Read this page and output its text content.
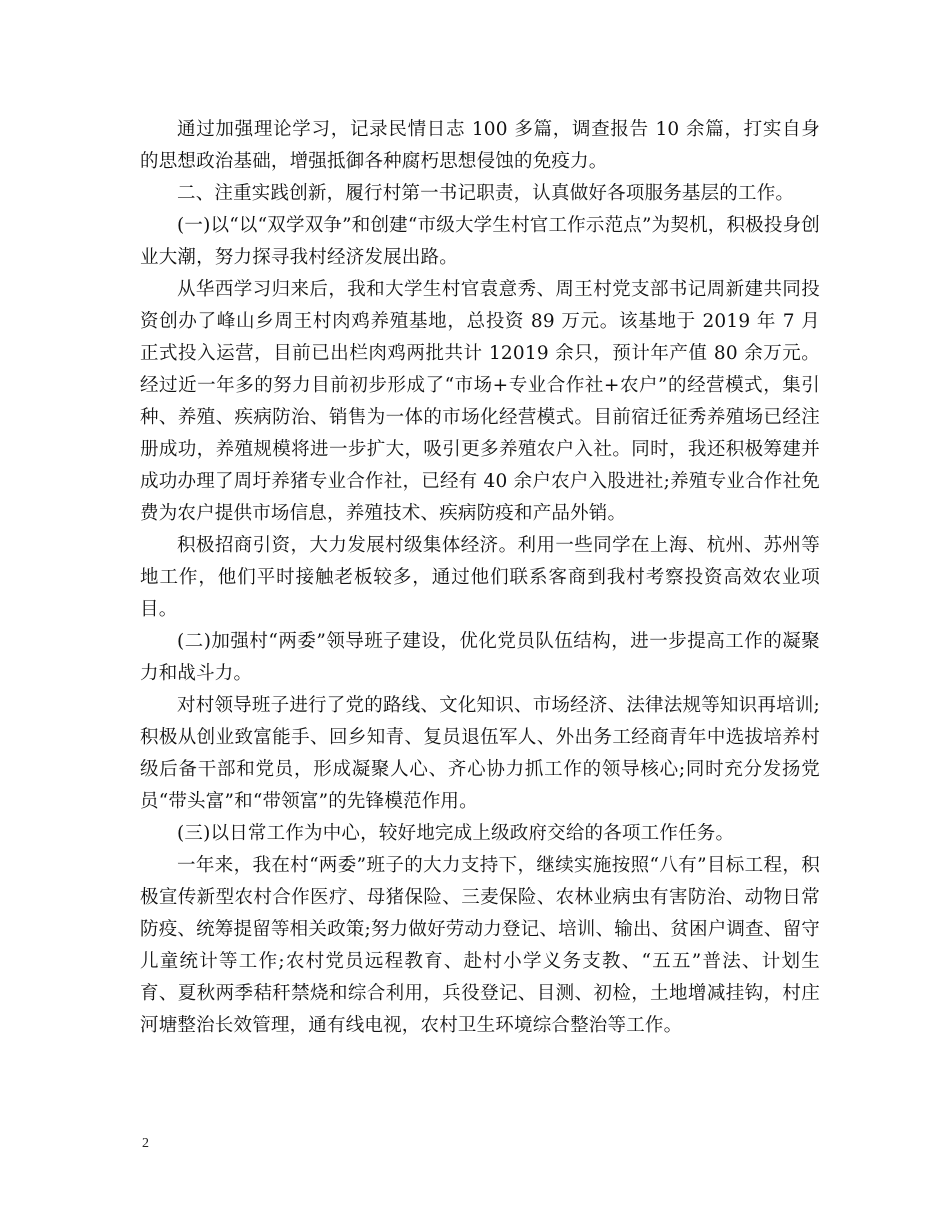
通过加强理论学习，记录民情日志 100 多篇，调查报告 10 余篇，打实自身的思想政治基础，增强抵御各种腐朽思想侵蚀的免疫力。

二、注重实践创新，履行村第一书记职责，认真做好各项服务基层的工作。

(一)以“以“双学双争”和创建“市级大学生村官工作示范点”为契机，积极投身创业大潮，努力探寻我村经济发展出路。

从华西学习归来后，我和大学生村官袁意秀、周王村党支部书记周新建共同投资创办了峰山乡周王村肉鸡养殖基地，总投资 89 万元。该基地于 2019 年 7 月正式投入运营，目前已出栏肉鸡两批共计 12019 余只，预计年产值 80 余万元。经过近一年多的努力目前初步形成了“市场+专业合作社+农户”的经营模式，集引种、养殖、疾病防治、销售为一体的市场化经营模式。目前宿迁征秀养殖场已经注册成功，养殖规模将进一步扩大，吸引更多养殖农户入社。同时，我还积极筹建并成功办理了周圩养猪专业合作社，已经有 40 余户农户入股进社;养殖专业合作社免费为农户提供市场信息，养殖技术、疾病防疫和产品外销。

积极招商引资，大力发展村级集体经济。利用一些同学在上海、杭州、苏州等地工作，他们平时接触老板较多，通过他们联系客商到我村考察投资高效农业项目。

(二)加强村“两委”领导班子建设，优化党员队伍结构，进一步提高工作的凝聚力和战斗力。

对村领导班子进行了党的路线、文化知识、市场经济、法律法规等知识再培训;积极从创业致富能手、回乡知青、复员退伍军人、外出务工经商青年中选拔培养村级后备干部和党员，形成凝聚人心、齐心协力抓工作的领导核心;同时充分发扬党员“带头富”和“带领富”的先锋模范作用。

(三)以日常工作为中心，较好地完成上级政府交给的各项工作任务。

一年来，我在村“两委”班子的大力支持下，继续实施按照“八有”目标工程，积极宣传新型农村合作医疗、母猪保险、三麦保险、农林业病虫有害防治、动物日常防疫、统筹提留等相关政策;努力做好劳动力登记、培训、输出、贫困户调查、留守儿童统计等工作;农村党员远程教育、赴村小学义务支教、“五五”普法、计划生育、夏秋两季秸秆禁烧和综合利用，兵役登记、目测、初检，土地增减挂钩，村庄河塘整治长效管理，通有线电视，农村卫生环境综合整治等工作。

2
